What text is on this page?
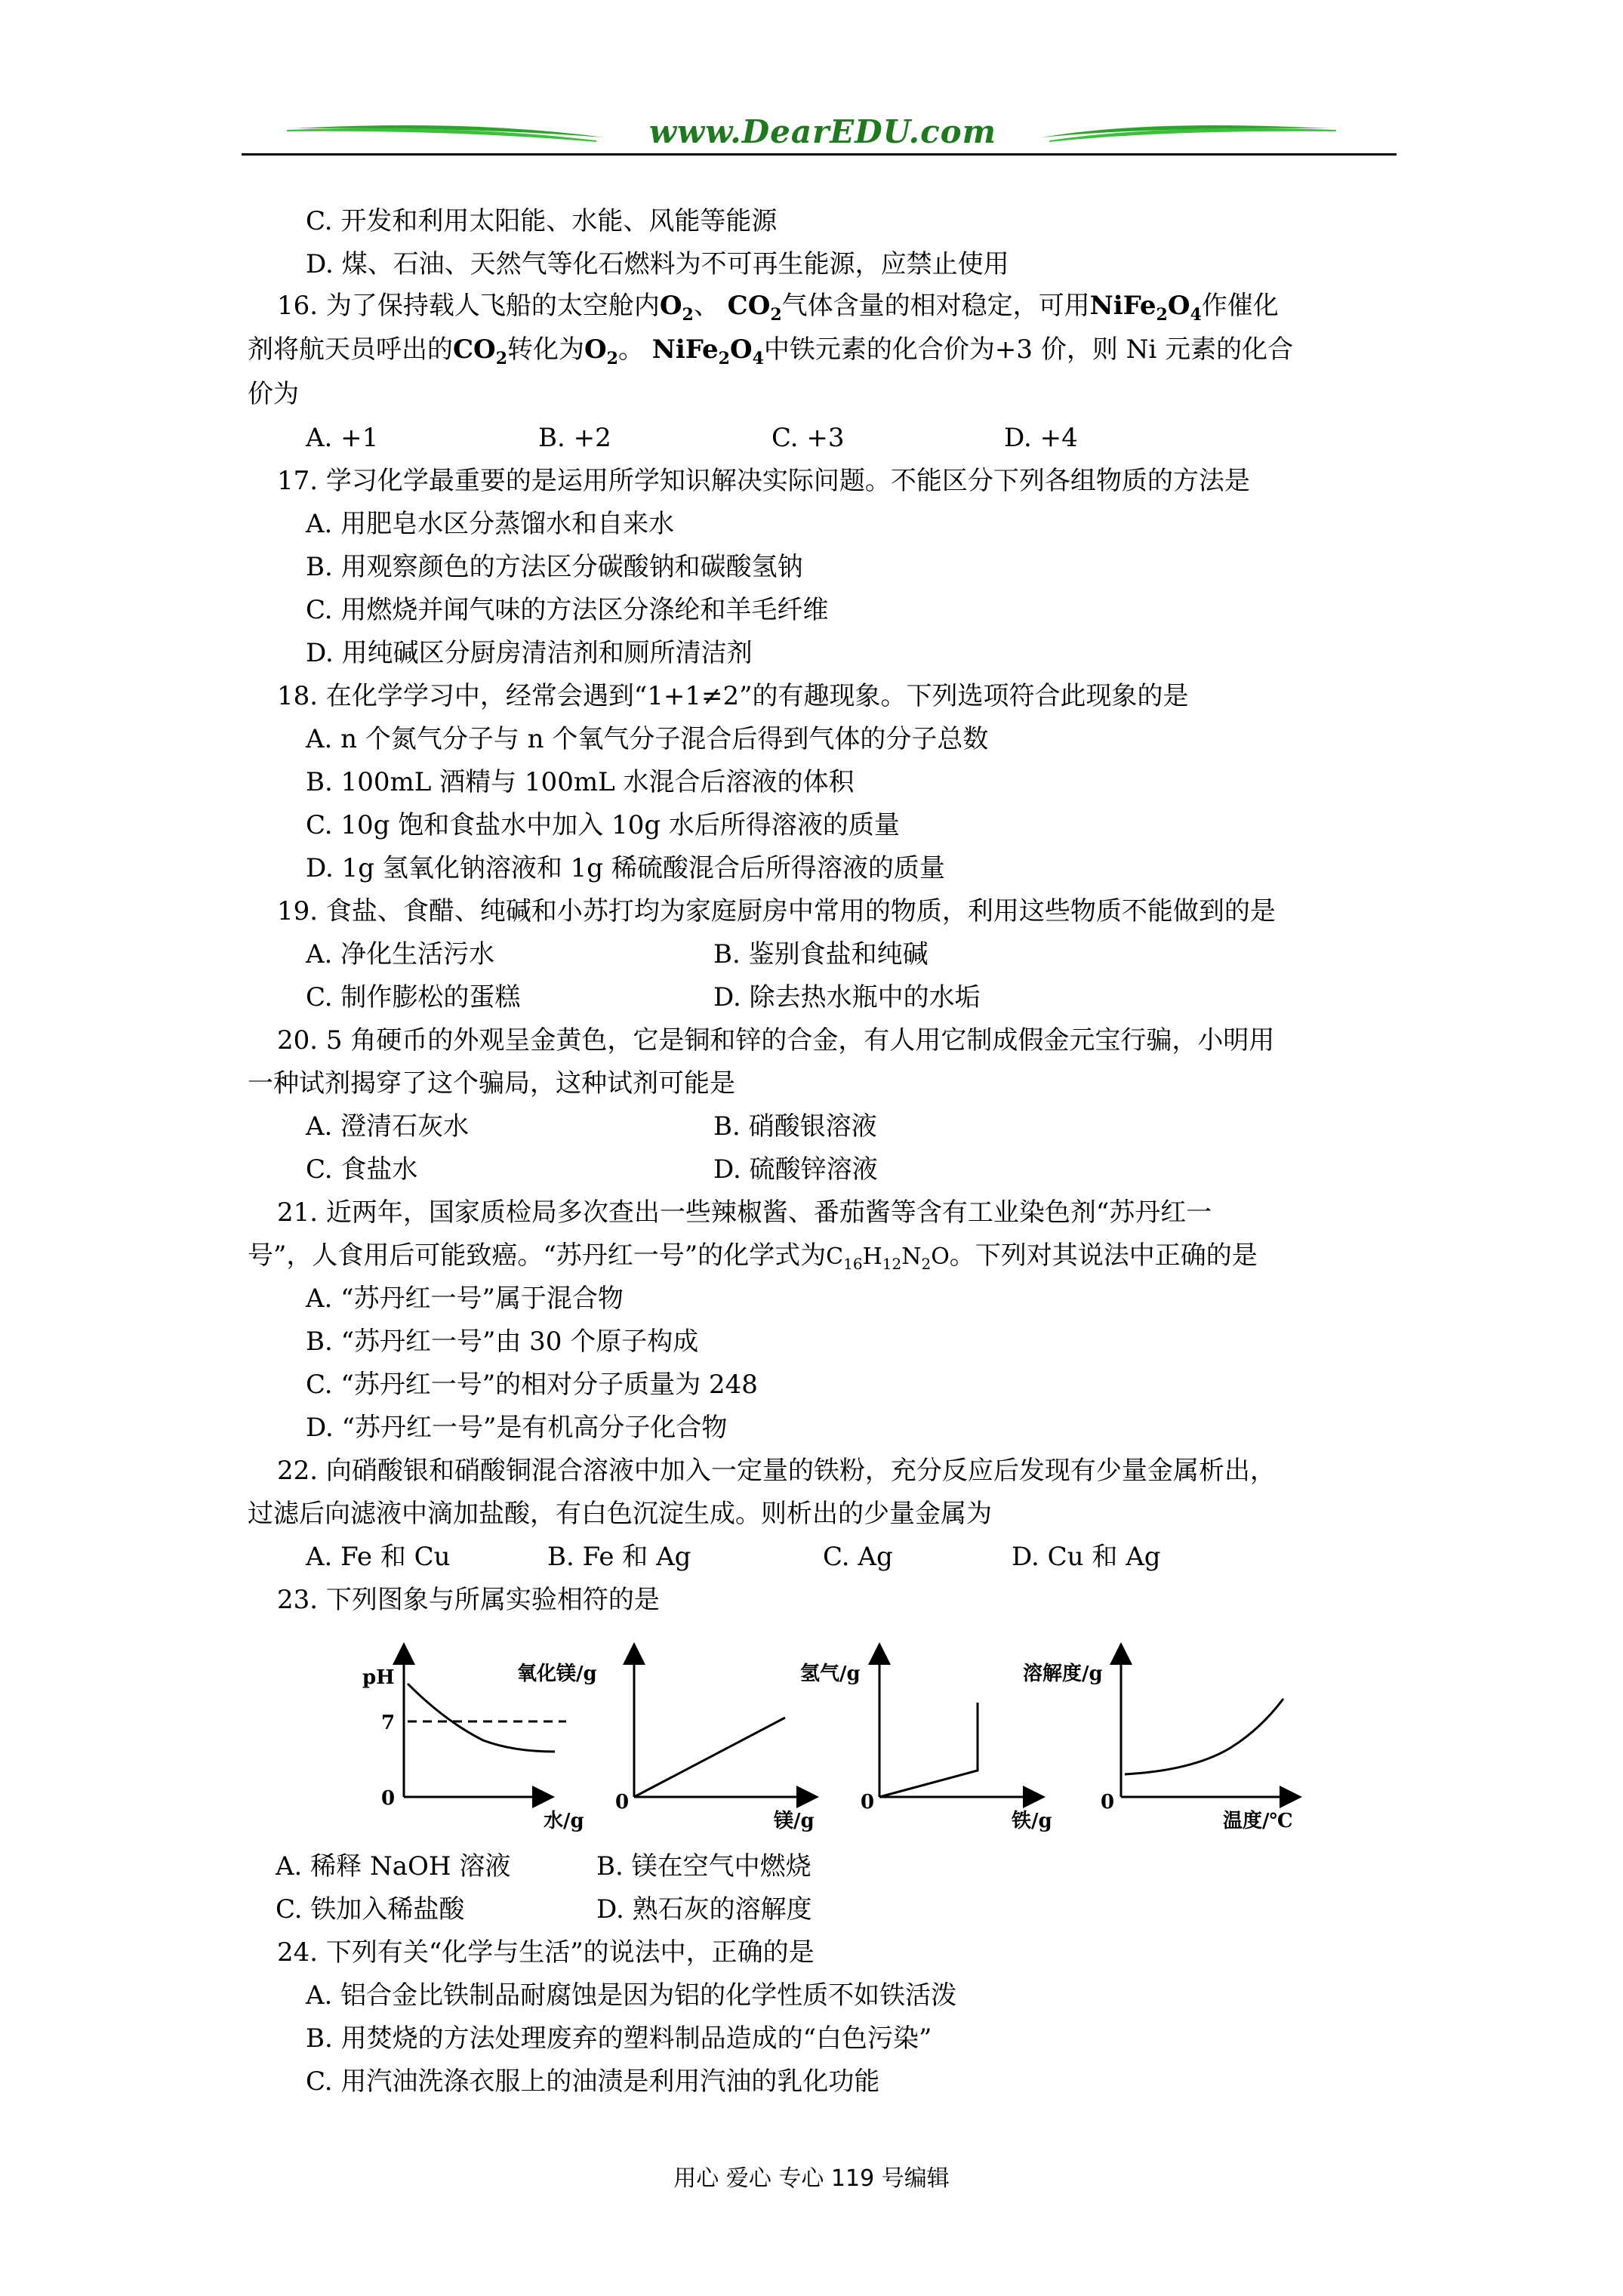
www.DearEDU.com
C. 开发和利用太阳能、水能、风能等能源
D. 煤、石油、天然气等化石燃料为不可再生能源，应禁止使用
16. 为了保持载人飞船的太空舱内$O_2$、 $CO_2$气体含量的相对稳定，可用$NiFe_2O_4$作催化
剂将航天员呼出的$CO_2$转化为$O_2$。 $NiFe_2O_4$中铁元素的化合价为+3 价，则 Ni 元素的化合
价为
A. +1	B. +2	C. +3	D. +4
17. 学习化学最重要的是运用所学知识解决实际问题。不能区分下列各组物质的方法是
A. 用肥皂水区分蒸馏水和自来水
B. 用观察颜色的方法区分碳酸钠和碳酸氢钠
C. 用燃烧并闻气味的方法区分涤纶和羊毛纤维
D. 用纯碱区分厨房清洁剂和厕所清洁剂
18. 在化学学习中，经常会遇到“1+1≠2”的有趣现象。下列选项符合此现象的是
A. n 个氮气分子与 n 个氧气分子混合后得到气体的分子总数
B. 100mL 酒精与 100mL 水混合后溶液的体积
C. 10g 饱和食盐水中加入 10g 水后所得溶液的质量
D. 1g 氢氧化钠溶液和 1g 稀硫酸混合后所得溶液的质量
19. 食盐、食醋、纯碱和小苏打均为家庭厨房中常用的物质，利用这些物质不能做到的是
A. 净化生活污水	B. 鉴别食盐和纯碱
C. 制作膨松的蛋糕	D. 除去热水瓶中的水垢
20. 5 角硬币的外观呈金黄色，它是铜和锌的合金，有人用它制成假金元宝行骗，小明用
一种试剂揭穿了这个骗局，这种试剂可能是
A. 澄清石灰水	B. 硝酸银溶液
C. 食盐水	D. 硫酸锌溶液
21. 近两年，国家质检局多次查出一些辣椒酱、番茄酱等含有工业染色剂“苏丹红一
号”，人食用后可能致癌。“苏丹红一号”的化学式为$C_{16}H_{12}N_2O$。下列对其说法中正确的是
A. “苏丹红一号”属于混合物
B. “苏丹红一号”由 30 个原子构成
C. “苏丹红一号”的相对分子质量为 248
D. “苏丹红一号”是有机高分子化合物
22. 向硝酸银和硝酸铜混合溶液中加入一定量的铁粉，充分反应后发现有少量金属析出，
过滤后向滤液中滴加盐酸，有白色沉淀生成。则析出的少量金属为
A. Fe 和 Cu	B. Fe 和 Ag	C. Ag	D. Cu 和 Ag
23. 下列图象与所属实验相符的是
pH
7
0
水/g
氧化镁/g
0
镁/g
氢气/g
0
铁/g
溶解度/g
0
温度/℃
A. 稀释 NaOH 溶液	B. 镁在空气中燃烧
C. 铁加入稀盐酸	D. 熟石灰的溶解度
24. 下列有关“化学与生活”的说法中，正确的是
A. 铝合金比铁制品耐腐蚀是因为铝的化学性质不如铁活泼
B. 用焚烧的方法处理废弃的塑料制品造成的“白色污染”
C. 用汽油洗涤衣服上的油渍是利用汽油的乳化功能
用心 爱心 专心 119 号编辑
